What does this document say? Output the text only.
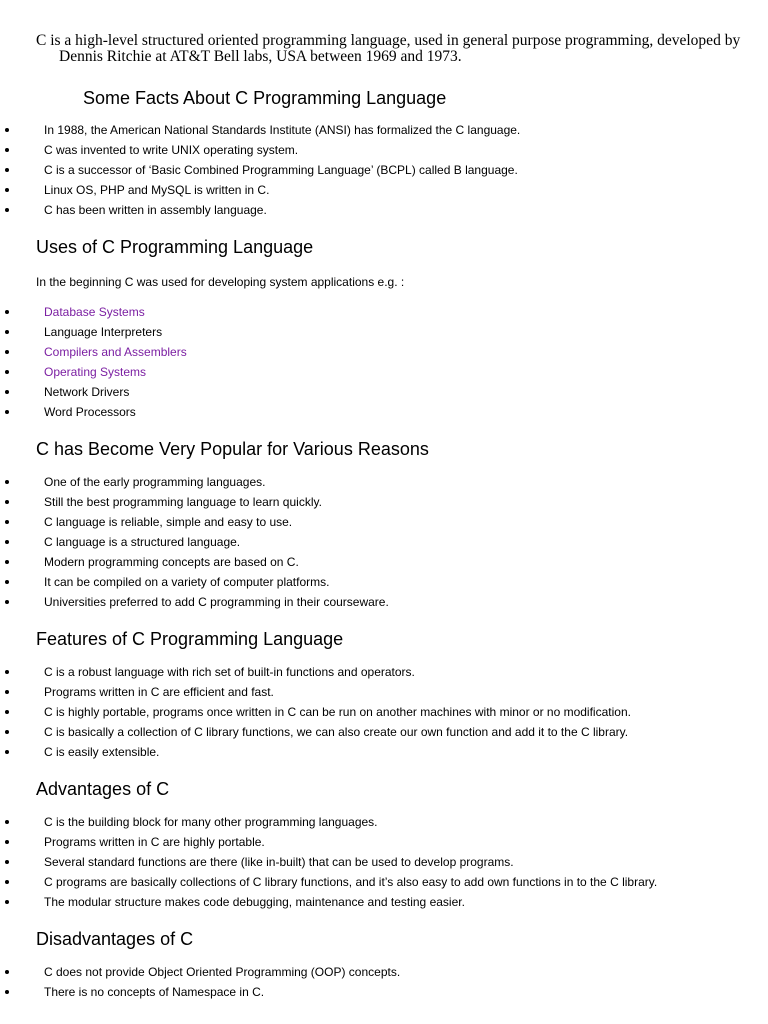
C is a high-level structured oriented programming language, used in general purpose programming, developed by Dennis Ritchie at AT&T Bell labs, USA between 1969 and 1973.

Some Facts About C Programming Language
In 1988, the American National Standards Institute (ANSI) has formalized the C language.
C was invented to write UNIX operating system.
C is a successor of ‘Basic Combined Programming Language’ (BCPL) called B language.
Linux OS, PHP and MySQL is written in C.
C has been written in assembly language.
Uses of C Programming Language

In the beginning C was used for developing system applications e.g. :

Database Systems
Language Interpreters
Compilers and Assemblers
Operating Systems
Network Drivers
Word Processors
C has Become Very Popular for Various Reasons
One of the early programming languages.
Still the best programming language to learn quickly.
C language is reliable, simple and easy to use.
C language is a structured language.
Modern programming concepts are based on C.
It can be compiled on a variety of computer platforms.
Universities preferred to add C programming in their courseware.
Features of C Programming Language
C is a robust language with rich set of built-in functions and operators.
Programs written in C are efficient and fast.
C is highly portable, programs once written in C can be run on another machines with minor or no modification.
C is basically a collection of C library functions, we can also create our own function and add it to the C library.
C is easily extensible.
Advantages of C
C is the building block for many other programming languages.
Programs written in C are highly portable.
Several standard functions are there (like in-built) that can be used to develop programs.
C programs are basically collections of C library functions, and it’s also easy to add own functions in to the C library.
The modular structure makes code debugging, maintenance and testing easier.
Disadvantages of C
C does not provide Object Oriented Programming (OOP) concepts.
There is no concepts of Namespace in C.
